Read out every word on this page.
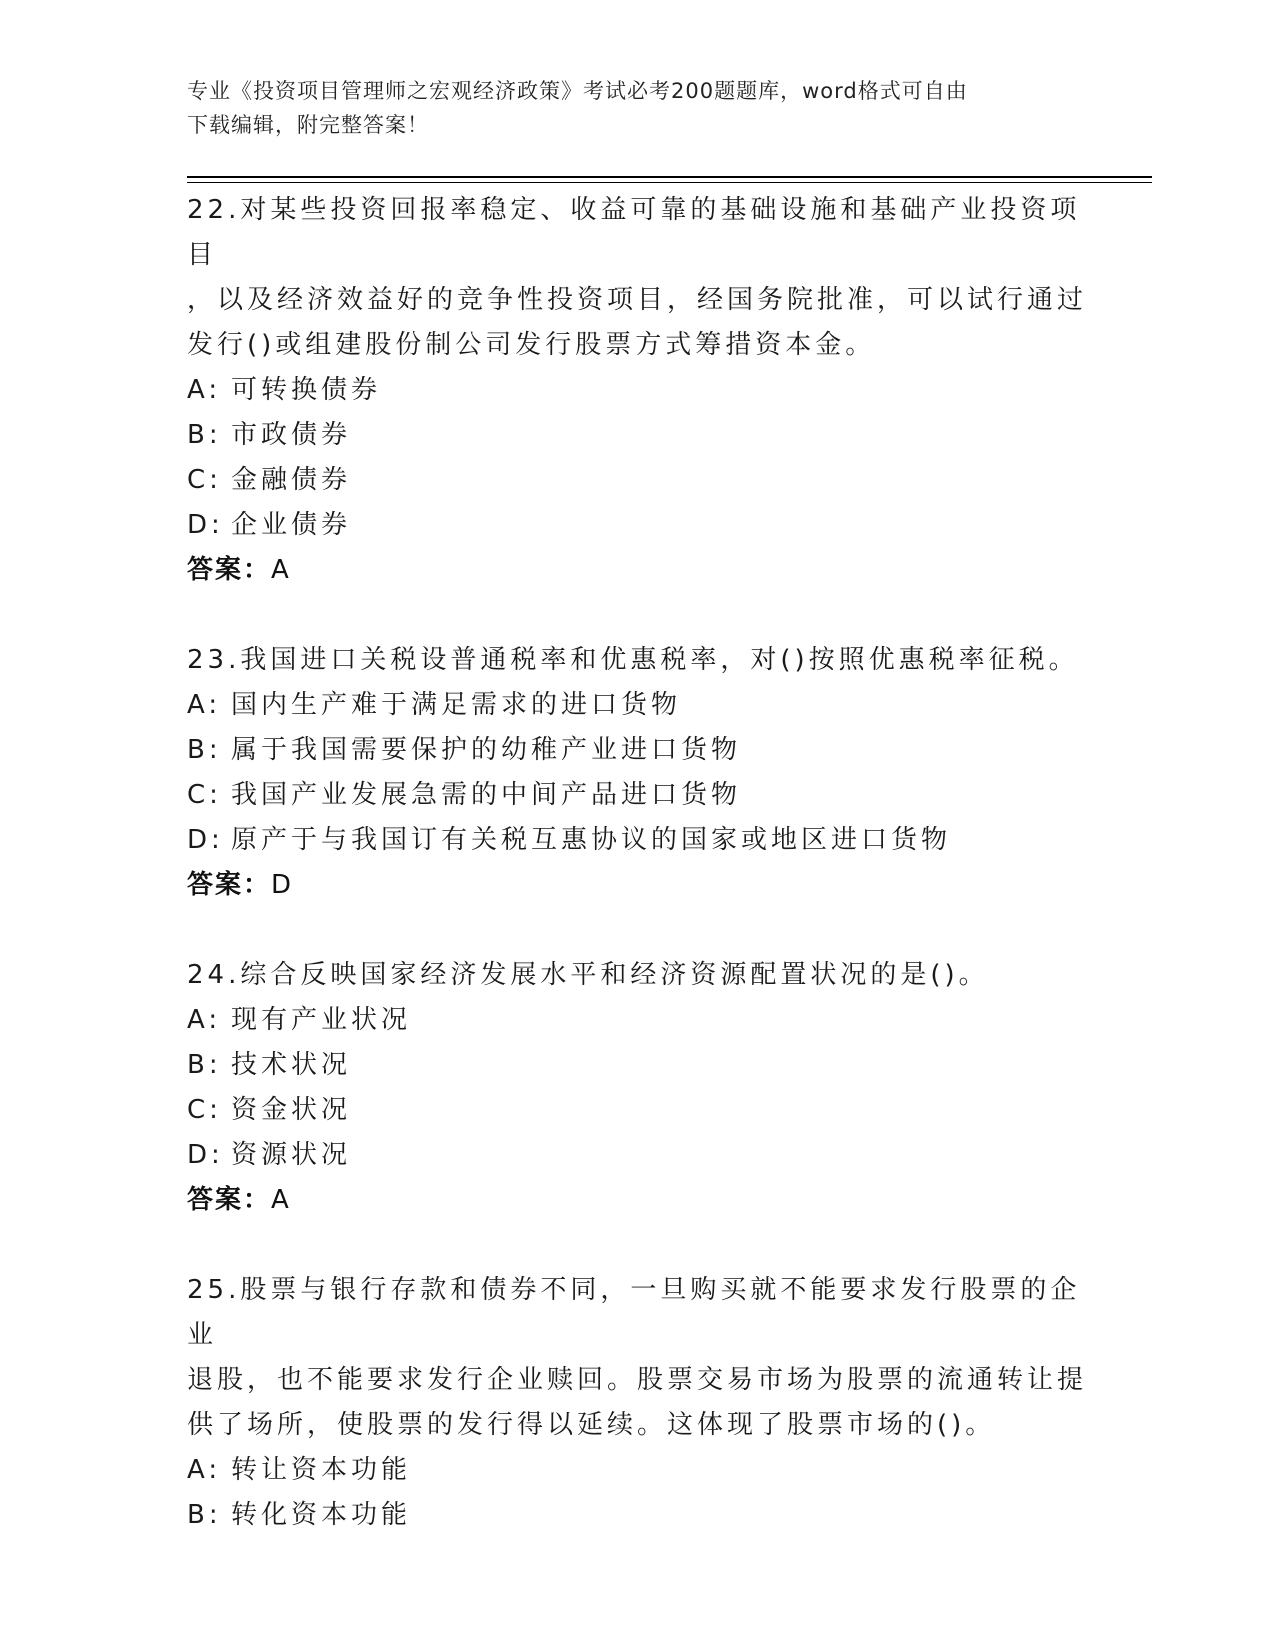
专业《投资项目管理师之宏观经济政策》考试必考200题题库，word格式可自由
下载编辑，附完整答案！
22.对某些投资回报率稳定、收益可靠的基础设施和基础产业投资项目
，以及经济效益好的竞争性投资项目，经国务院批准，可以试行通过
发行()或组建股份制公司发行股票方式筹措资本金。
A: 可转换债券
B: 市政债券
C: 金融债券
D: 企业债券
答案：A
23.我国进口关税设普通税率和优惠税率，对()按照优惠税率征税。
A: 国内生产难于满足需求的进口货物
B: 属于我国需要保护的幼稚产业进口货物
C: 我国产业发展急需的中间产品进口货物
D: 原产于与我国订有关税互惠协议的国家或地区进口货物
答案：D
24.综合反映国家经济发展水平和经济资源配置状况的是()。
A: 现有产业状况
B: 技术状况
C: 资金状况
D: 资源状况
答案：A
25.股票与银行存款和债券不同，一旦购买就不能要求发行股票的企业
退股，也不能要求发行企业赎回。股票交易市场为股票的流通转让提
供了场所，使股票的发行得以延续。这体现了股票市场的()。
A: 转让资本功能
B: 转化资本功能
